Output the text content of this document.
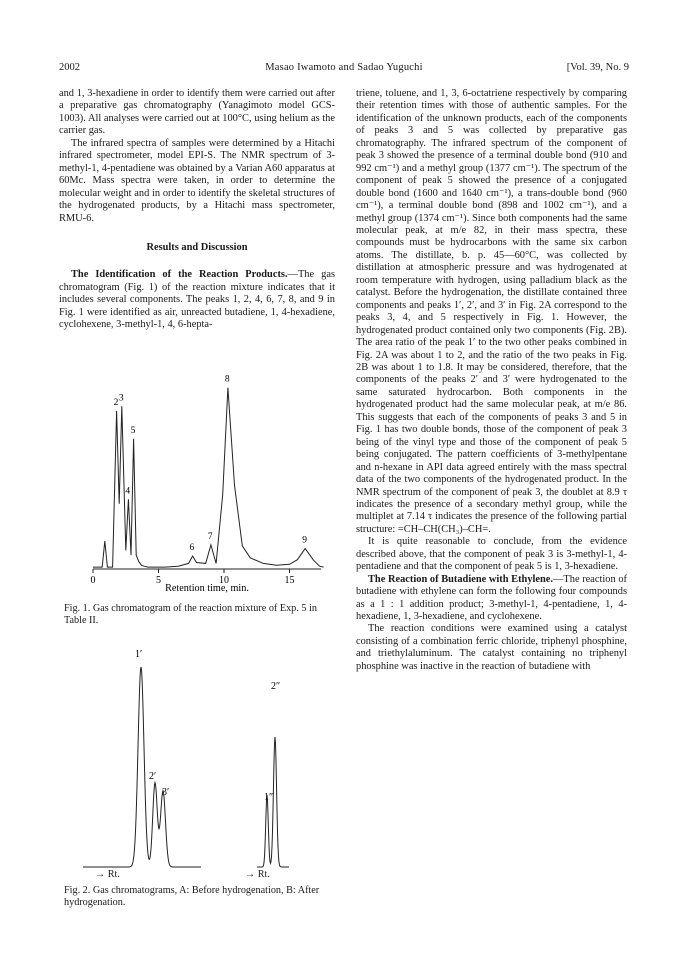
2002	Masao Iwamoto and Sadao Yuguchi	[Vol. 39, No. 9

and 1, 3-hexadiene in order to identify them were carried out after a preparative gas chromatography (Yanagimoto model GCS-1003). All analyses were carried out at 100°C, using helium as the carrier gas.

The infrared spectra of samples were determined by a Hitachi infrared spectrometer, model EPI-S. The NMR spectrum of 3-methyl-1, 4-pentadiene was obtained by a Varian A60 apparatus at 60Mc. Mass spectra were taken, in order to determine the molecular weight and in order to identify the skeletal structures of the hydrogenated products, by a Hitachi mass spectrometer, RMU-6.

Results and Discussion

The Identification of the Reaction Products.—The gas chromatogram (Fig. 1) of the reaction mixture indicates that it includes several components. The peaks 1, 2, 4, 6, 7, 8, and 9 in Fig. 1 were identified as air, unreacted butadiene, 1, 4-hexadiene, cyclohexene, 3-methyl-1, 4, 6-hepta-

0	5	10	15
2 3
4
5
6
7
8
9
Retention time, min.
Fig. 1. Gas chromatogram of the reaction mixture of Exp. 5 in Table II.
1′
2′
3′
2″
1″
→ Rt.	→ Rt.
Fig. 2. Gas chromatograms, A: Before hydrogenation, B: After hydrogenation.

triene, toluene, and 1, 3, 6-octatriene respectively by comparing their retention times with those of authentic samples. For the identification of the unknown products, each of the components of peaks 3 and 5 was collected by preparative gas chromatography. The infrared spectrum of the component of peak 3 showed the presence of a terminal double bond (910 and 992 cm⁻¹) and a methyl group (1377 cm⁻¹). The spectrum of the component of peak 5 showed the presence of a conjugated double bond (1600 and 1640 cm⁻¹), a trans-double bond (960 cm⁻¹), a terminal double bond (898 and 1002 cm⁻¹), and a methyl group (1374 cm⁻¹). Since both components had the same molecular peak, at m/e 82, in their mass spectra, these compounds must be hydrocarbons with the same six carbon atoms. The distillate, b. p. 45—60°C, was collected by distillation at atmospheric pressure and was hydrogenated at room temperature with hydrogen, using palladium black as the catalyst. Before the hydrogenation, the distillate contained three components and peaks 1′, 2′, and 3′ in Fig. 2A correspond to the peaks 3, 4, and 5 respectively in Fig. 1. However, the hydrogenated product contained only two components (Fig. 2B). The area ratio of the peak 1′ to the two other peaks combined in Fig. 2A was about 1 to 2, and the ratio of the two peaks in Fig. 2B was about 1 to 1.8. It may be considered, therefore, that the components of the peaks 2′ and 3′ were hydrogenated to the same saturated hydrocarbon. Both components in the hydrogenated product had the same molecular peak, at m/e 86. This suggests that each of the components of peaks 3 and 5 in Fig. 1 has two double bonds, those of the component of peak 3 being of the vinyl type and those of the component of peak 5 being conjugated. The pattern coefficients of 3-methylpentane and n-hexane in API data agreed entirely with the mass spectral data of the two components of the hydrogenated product. In the NMR spectrum of the component of peak 3, the doublet at 8.9 τ indicates the presence of a secondary methyl group, while the multiplet at 7.14 τ indicates the presence of the following partial structure: =CH–CH(CH₃)–CH=.

It is quite reasonable to conclude, from the evidence described above, that the component of peak 3 is 3-methyl-1, 4-pentadiene and that the component of peak 5 is 1, 3-hexadiene.

The Reaction of Butadiene with Ethylene.—The reaction of butadiene with ethylene can form the following four compounds as a 1 : 1 addition product; 3-methyl-1, 4-pentadiene, 1, 4-hexadiene, 1, 3-hexadiene, and cyclohexene.

The reaction conditions were examined using a catalyst consisting of a combination ferric chloride, triphenyl phosphine, and triethylaluminum. The catalyst containing no triphenyl phosphine was inactive in the reaction of butadiene with
